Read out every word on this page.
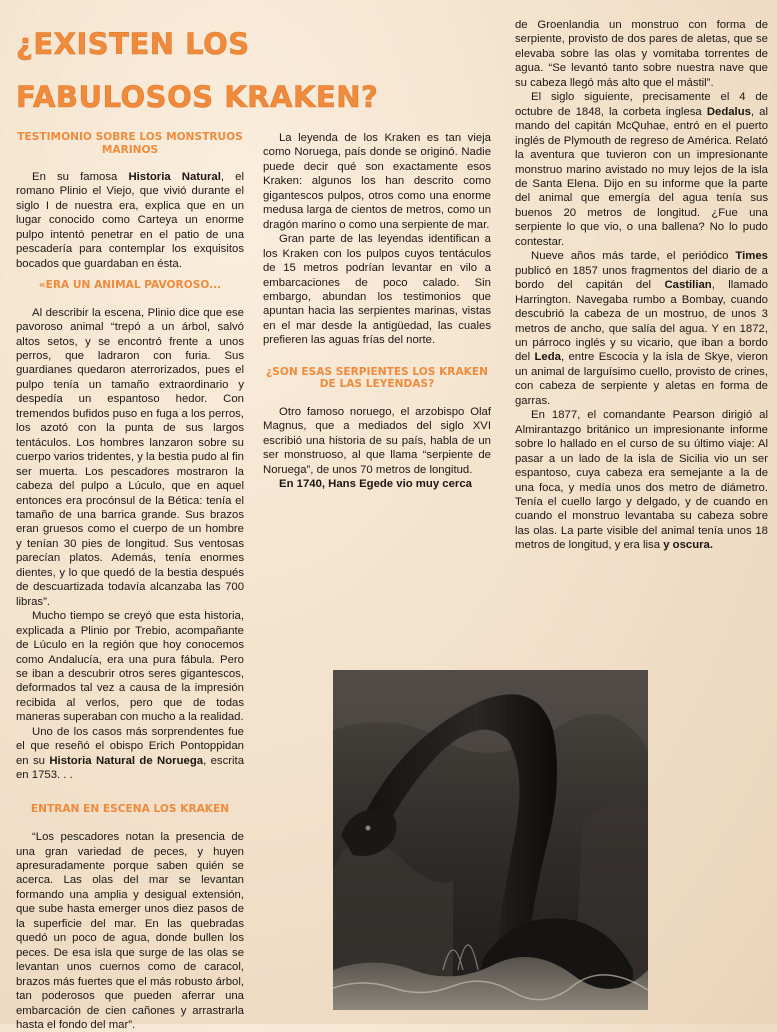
¿EXISTEN LOS
FABULOSOS KRAKEN?
TESTIMONIO SOBRE LOS MONSTRUOS MARINOS

En su famosa Historia Natural, el romano Plinio el Viejo, que vivió durante el siglo I de nuestra era, explica que en un lugar conocido como Carteya un enorme pulpo intentó penetrar en el patio de una pescadería para contemplar los exquisitos bocados que guardaban en ésta.

«ERA UN ANIMAL PAVOROSO...

Al describir la escena, Plinio dice que ese pavoroso animal “trepó a un árbol, salvó altos setos, y se encontró frente a unos perros, que ladraron con furia. Sus guardianes quedaron aterrorizados, pues el pulpo tenía un tamaño extraordinario y despedía un espantoso hedor. Con tremendos bufidos puso en fuga a los perros, los azotó con la punta de sus largos tentáculos. Los hombres lanzaron sobre su cuerpo varios tridentes, y la bestia pudo al fin ser muerta. Los pescadores mostraron la cabeza del pulpo a Lúculo, que en aquel entonces era procónsul de la Bética: tenía el tamaño de una barrica grande. Sus brazos eran gruesos como el cuerpo de un hombre y tenían 30 pies de longitud. Sus ventosas parecían platos. Además, tenía enormes dientes, y lo que quedó de la bestia después de descuartizada todavía alcanzaba las 700 libras”.

Mucho tiempo se creyó que esta historia, explicada a Plinio por Trebio, acompañante de Lúculo en la región que hoy conocemos como Andalucía, era una pura fábula. Pero se iban a descubrir otros seres gigantescos, deformados tal vez a causa de la impresión recibida al verlos, pero que de todas maneras superaban con mucho a la realidad.

Uno de los casos más sorprendentes fue el que reseñó el obispo Erich Pontoppidan en su Historia Natural de Noruega, escrita en 1753. . .

ENTRAN EN ESCENA LOS KRAKEN

“Los pescadores notan la presencia de una gran variedad de peces, y huyen apresuradamente porque saben quién se acerca. Las olas del mar se levantan formando una amplia y desigual extensión, que sube hasta emerger unos diez pasos de la superficie del mar. En las quebradas quedó un poco de agua, donde bullen los peces. De esa isla que surge de las olas se levantan unos cuernos como de caracol, brazos más fuertes que el más robusto árbol, tan poderosos que pueden aferrar una embarcación de cien cañones y arrastrarla hasta el fondo del mar”.

La leyenda de los Kraken es tan vieja como Noruega, país donde se originó. Nadie puede decir qué son exactamente esos Kraken: algunos los han descrito como gigantescos pulpos, otros como una enorme medusa larga de cientos de metros, como un dragón marino o como una serpiente de mar.

Gran parte de las leyendas identifican a los Kraken con los pulpos cuyos tentáculos de 15 metros podrían levantar en vilo a embarcaciones de poco calado. Sin embargo, abundan los testimonios que apuntan hacia las serpientes marinas, vistas en el mar desde la antigüedad, las cuales prefieren las aguas frías del norte.

¿SON ESAS SERPIENTES LOS KRAKEN DE LAS LEYENDAS?

Otro famoso noruego, el arzobispo Olaf Magnus, que a mediados del siglo XVI escribió una historia de su país, habla de un ser monstruoso, al que llama “serpiente de Noruega”, de unos 70 metros de longitud.

En 1740, Hans Egede vio muy cerca

de Groenlandia un monstruo con forma de serpiente, provisto de dos pares de aletas, que se elevaba sobre las olas y vomitaba torrentes de agua. “Se levantó tanto sobre nuestra nave que su cabeza llegó más alto que el mástil”.

El siglo siguiente, precisamente el 4 de octubre de 1848, la corbeta inglesa Dedalus, al mando del capitán McQuhae, entró en el puerto inglés de Plymouth de regreso de América. Relató la aventura que tuvieron con un impresionante monstruo marino avistado no muy lejos de la isla de Santa Elena. Dijo en su informe que la parte del animal que emergía del agua tenía sus buenos 20 metros de longitud. ¿Fue una serpiente lo que vio, o una ballena? No lo pudo contestar.

Nueve años más tarde, el periódico Times publicó en 1857 unos fragmentos del diario de a bordo del capitán del Castilian, llamado Harrington. Navegaba rumbo a Bombay, cuando descubrió la cabeza de un mostruo, de unos 3 metros de ancho, que salía del agua. Y en 1872, un párroco inglés y su vicario, que iban a bordo del Leda, entre Escocia y la isla de Skye, vieron un animal de larguísimo cuello, provisto de crines, con cabeza de serpiente y aletas en forma de garras.

En 1877, el comandante Pearson dirigió al Almirantazgo británico un impresionante informe sobre lo hallado en el curso de su último viaje: Al pasar a un lado de la isla de Sicilia vio un ser espantoso, cuya cabeza era semejante a la de una foca, y medía unos dos metro de diámetro. Tenía el cuello largo y delgado, y de cuando en cuando el monstruo levantaba su cabeza sobre las olas. La parte visible del animal tenía unos 18 metros de longitud, y era lisa y oscura.
